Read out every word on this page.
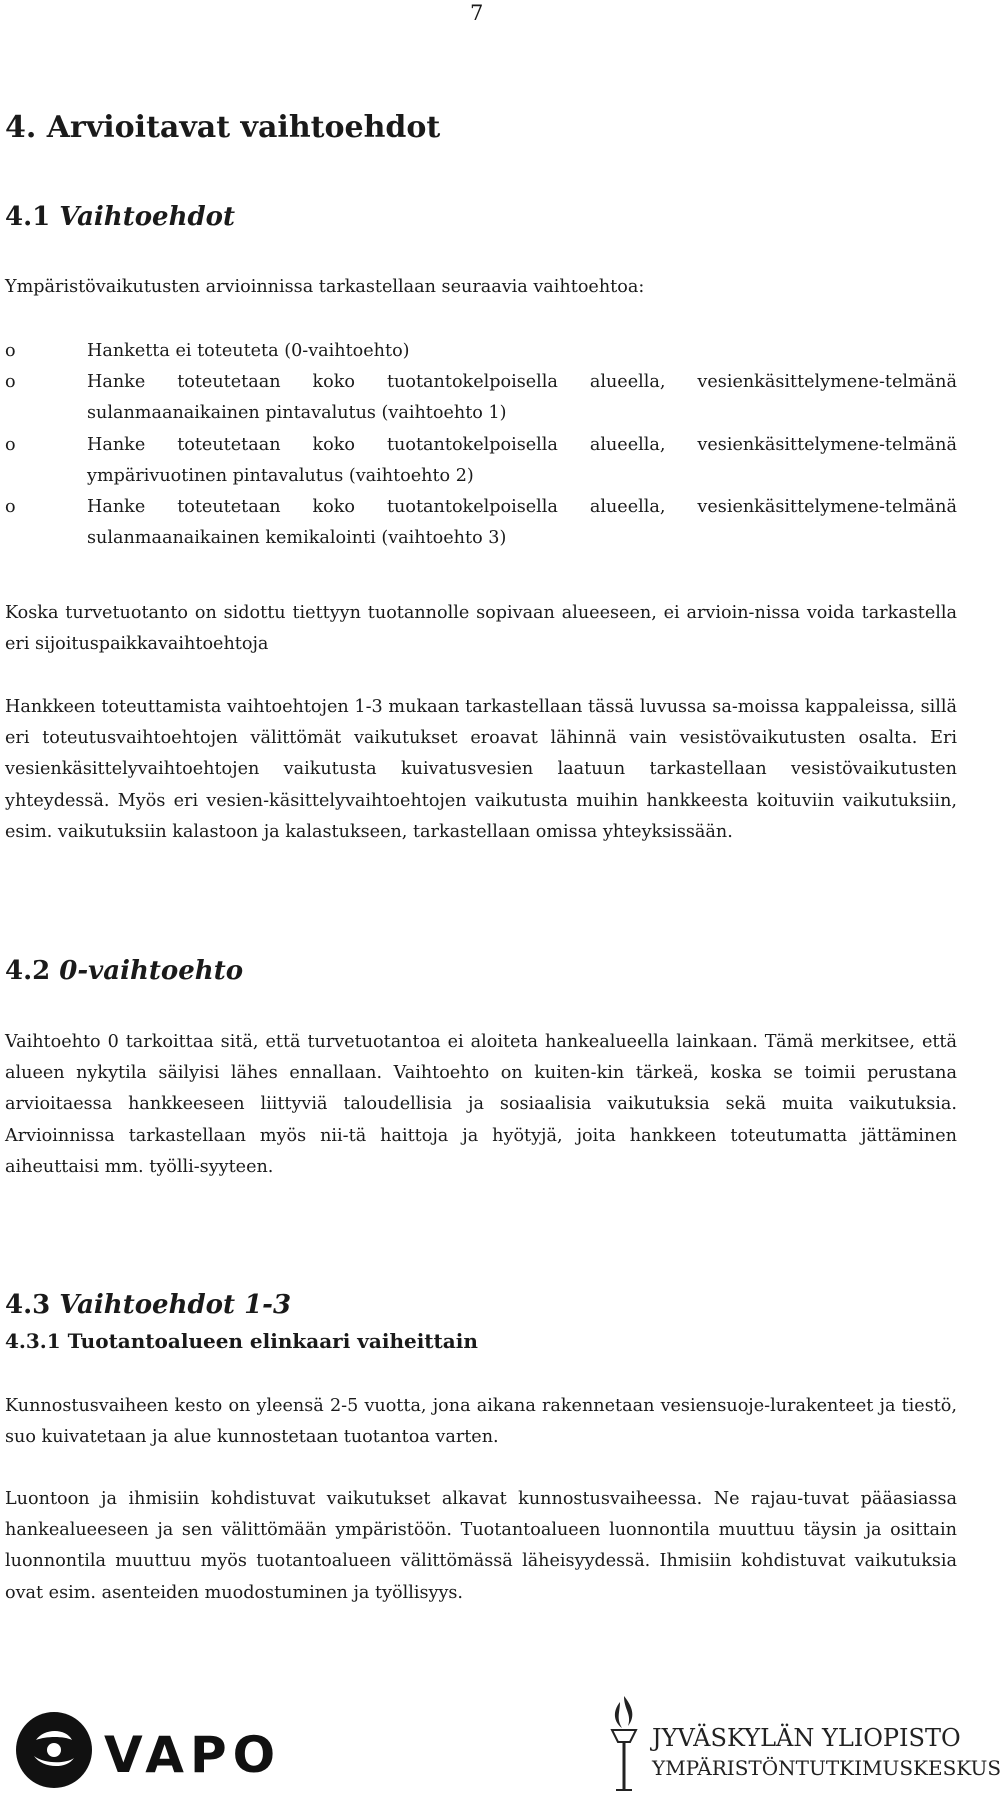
7
4. Arvioitavat vaihtoehdot
4.1 Vaihtoehdot

Ympäristövaikutusten arvioinnissa tarkastellaan seuraavia vaihtoehtoa:

o	Hanketta ei toteuteta (0-vaihtoehto)
o	Hanke toteutetaan koko tuotantokelpoisella alueella, vesienkäsittelymene-telmänä sulanmaanaikainen pintavalutus (vaihtoehto 1)
o	Hanke toteutetaan koko tuotantokelpoisella alueella, vesienkäsittelymene-telmänä ympärivuotinen pintavalutus (vaihtoehto 2)
o	Hanke toteutetaan koko tuotantokelpoisella alueella, vesienkäsittelymene-telmänä sulanmaanaikainen kemikalointi (vaihtoehto 3)

Koska turvetuotanto on sidottu tiettyyn tuotannolle sopivaan alueeseen, ei arvioin-nissa voida tarkastella eri sijoituspaikkavaihtoehtoja

Hankkeen toteuttamista vaihtoehtojen 1-3 mukaan tarkastellaan tässä luvussa sa-moissa kappaleissa, sillä eri toteutusvaihtoehtojen välittömät vaikutukset eroavat lähinnä vain vesistövaikutusten osalta. Eri vesienkäsittelyvaihtoehtojen vaikutusta kuivatusvesien laatuun tarkastellaan vesistövaikutusten yhteydessä. Myös eri vesien-käsittelyvaihtoehtojen vaikutusta muihin hankkeesta koituviin vaikutuksiin, esim. vaikutuksiin kalastoon ja kalastukseen, tarkastellaan omissa yhteyksissään.

4.2 0-vaihtoehto

Vaihtoehto 0 tarkoittaa sitä, että turvetuotantoa ei aloiteta hankealueella lainkaan. Tämä merkitsee, että alueen nykytila säilyisi lähes ennallaan. Vaihtoehto on kuiten-kin tärkeä, koska se toimii perustana arvioitaessa hankkeeseen liittyviä taloudellisia ja sosiaalisia vaikutuksia sekä muita vaikutuksia. Arvioinnissa tarkastellaan myös nii-tä haittoja ja hyötyjä, joita hankkeen toteutumatta jättäminen aiheuttaisi mm. työlli-syyteen.

4.3 Vaihtoehdot 1-3
4.3.1 Tuotantoalueen elinkaari vaiheittain

Kunnostusvaiheen kesto on yleensä 2-5 vuotta, jona aikana rakennetaan vesiensuoje-lurakenteet ja tiestö, suo kuivatetaan ja alue kunnostetaan tuotantoa varten.

Luontoon ja ihmisiin kohdistuvat vaikutukset alkavat kunnostusvaiheessa. Ne rajau-tuvat pääasiassa hankealueeseen ja sen välittömään ympäristöön. Tuotantoalueen luonnontila muuttuu täysin ja osittain luonnontila muuttuu myös tuotantoalueen välittömässä läheisyydessä. Ihmisiin kohdistuvat vaikutuksia ovat esim. asenteiden muodostuminen ja työllisyys.

VAPO	JYVÄSKYLÄN YLIOPISTO
YMPÄRISTÖNTUTKIMUSKESKUS
